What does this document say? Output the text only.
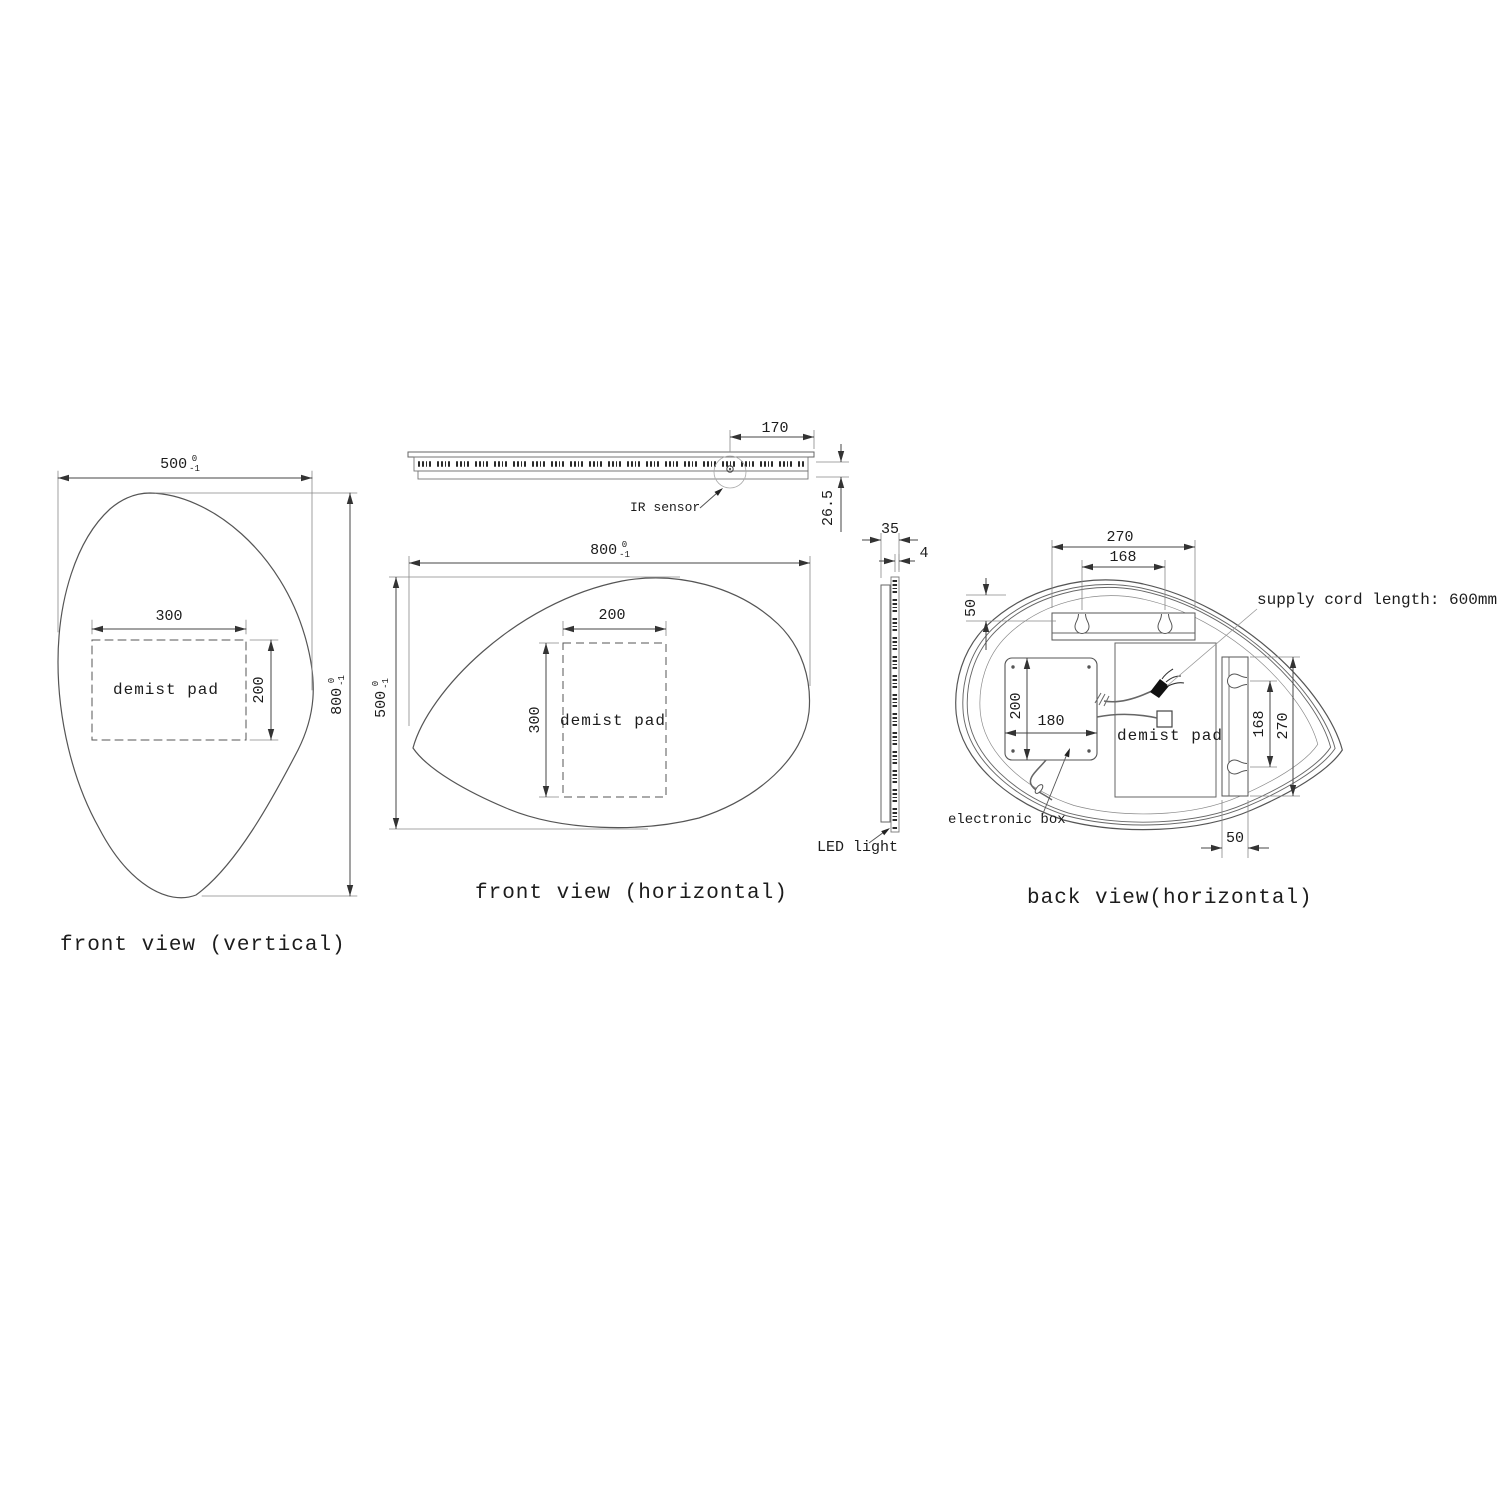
500 0
-1
800
0 -1
300
200
demist pad
front view (vertical)
170
26.5
IR sensor
800 0
-1
500
0 -1
200
300	demist pad
front view (horizontal)
35
4
LED light
270
168
50
200
180	168 270
50
demist pad
electronic box
supply cord length: 600mm
back view(horizontal)
